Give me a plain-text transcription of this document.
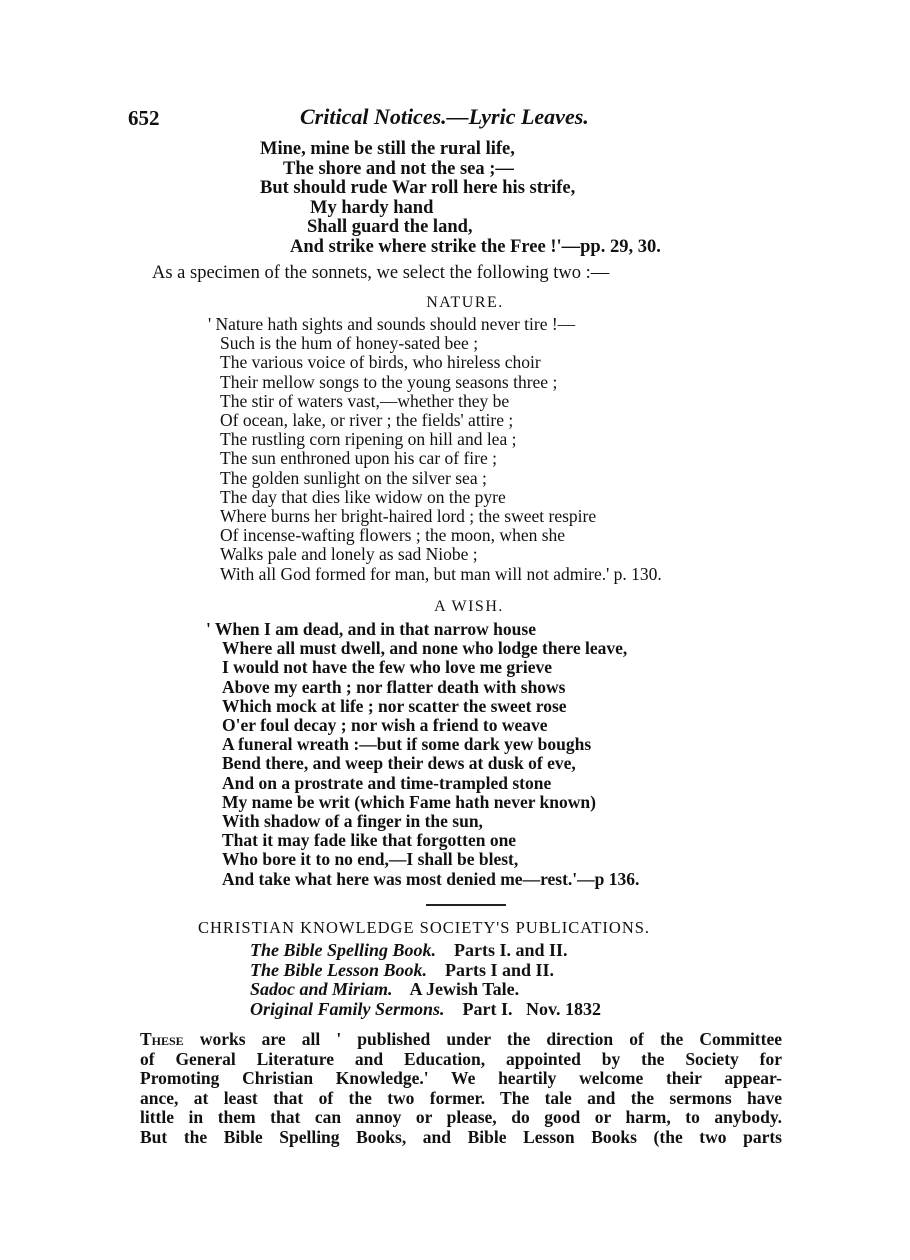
652	Critical Notices.—Lyric Leaves.
Mine, mine be still the rural life,
The shore and not the sea ;—
But should rude War roll here his strife,
My hardy hand
Shall guard the land,
And strike where strike the Free !'—pp. 29, 30.
As a specimen of the sonnets, we select the following two :—
NATURE.
' Nature hath sights and sounds should never tire !—
Such is the hum of honey-sated bee ;
The various voice of birds, who hireless choir
Their mellow songs to the young seasons three ;
The stir of waters vast,—whether they be
Of ocean, lake, or river ; the fields' attire ;
The rustling corn ripening on hill and lea ;
The sun enthroned upon his car of fire ;
The golden sunlight on the silver sea ;
The day that dies like widow on the pyre
Where burns her bright-haired lord ; the sweet respire
Of incense-wafting flowers ; the moon, when she
Walks pale and lonely as sad Niobe ;
With all God formed for man, but man will not admire.' p. 130.
A WISH.
' When I am dead, and in that narrow house
Where all must dwell, and none who lodge there leave,
I would not have the few who love me grieve
Above my earth ; nor flatter death with shows
Which mock at life ; nor scatter the sweet rose
O'er foul decay ; nor wish a friend to weave
A funeral wreath :—but if some dark yew boughs
Bend there, and weep their dews at dusk of eve,
And on a prostrate and time-trampled stone
My name be writ (which Fame hath never known)
With shadow of a finger in the sun,
That it may fade like that forgotten one
Who bore it to no end,—I shall be blest,
And take what here was most denied me—rest.'—p 136.
CHRISTIAN KNOWLEDGE SOCIETY'S PUBLICATIONS.
The Bible Spelling Book. Parts I. and II.
The Bible Lesson Book. Parts I and II.
Sadoc and Miriam. A Jewish Tale.
Original Family Sermons. Part I.   Nov. 1832
These works are all ' published under the direction of the Committee
of General Literature and Education, appointed by the Society for
Promoting Christian Knowledge.' We heartily welcome their appear-
ance, at least that of the two former. The tale and the sermons have
little in them that can annoy or please, do good or harm, to anybody.
But the Bible Spelling Books, and Bible Lesson Books (the two parts
